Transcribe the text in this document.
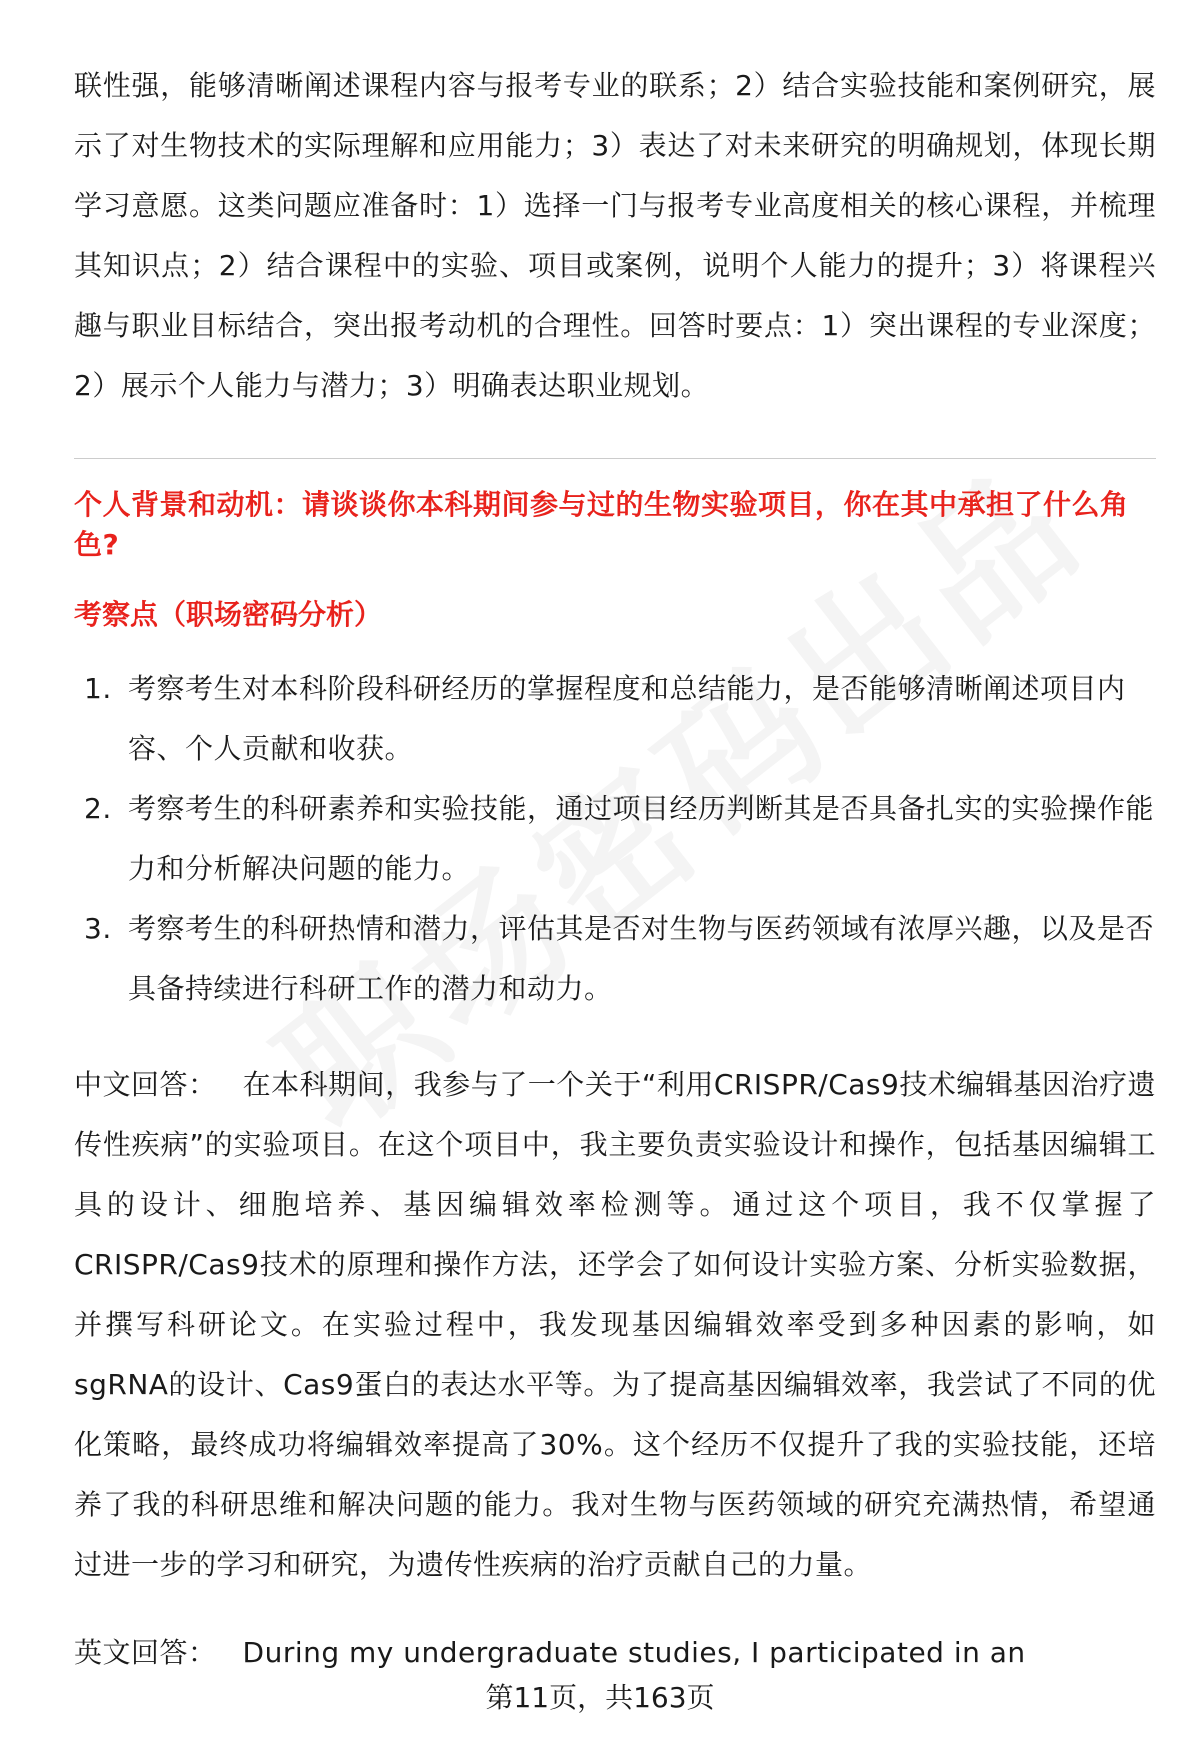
联性强，能够清晰阐述课程内容与报考专业的联系；2）结合实验技能和案例研究，展示了对生物技术的实际理解和应用能力；3）表达了对未来研究的明确规划，体现长期学习意愿。这类问题应准备时：1）选择一门与报考专业高度相关的核心课程，并梳理其知识点；2）结合课程中的实验、项目或案例，说明个人能力的提升；3）将课程兴趣与职业目标结合，突出报考动机的合理性。回答时要点：1）突出课程的专业深度；2）展示个人能力与潜力；3）明确表达职业规划。

个人背景和动机：请谈谈你本科期间参与过的生物实验项目，你在其中承担了什么角色?

考察点（职场密码分析）

1. 考察考生对本科阶段科研经历的掌握程度和总结能力，是否能够清晰阐述项目内容、个人贡献和收获。
2. 考察考生的科研素养和实验技能，通过项目经历判断其是否具备扎实的实验操作能力和分析解决问题的能力。
3. 考察考生的科研热情和潜力，评估其是否对生物与医药领域有浓厚兴趣，以及是否具备持续进行科研工作的潜力和动力。

中文回答： 在本科期间，我参与了一个关于“利用CRISPR/Cas9技术编辑基因治疗遗传性疾病”的实验项目。在这个项目中，我主要负责实验设计和操作，包括基因编辑工具的设计、细胞培养、基因编辑效率检测等。通过这个项目，我不仅掌握了CRISPR/Cas9技术的原理和操作方法，还学会了如何设计实验方案、分析实验数据，并撰写科研论文。在实验过程中，我发现基因编辑效率受到多种因素的影响，如sgRNA的设计、Cas9蛋白的表达水平等。为了提高基因编辑效率，我尝试了不同的优化策略，最终成功将编辑效率提高了30%。这个经历不仅提升了我的实验技能，还培养了我的科研思维和解决问题的能力。我对生物与医药领域的研究充满热情，希望通过进一步的学习和研究，为遗传性疾病的治疗贡献自己的力量。

英文回答： During my undergraduate studies, I participated in an

第11页，共163页
